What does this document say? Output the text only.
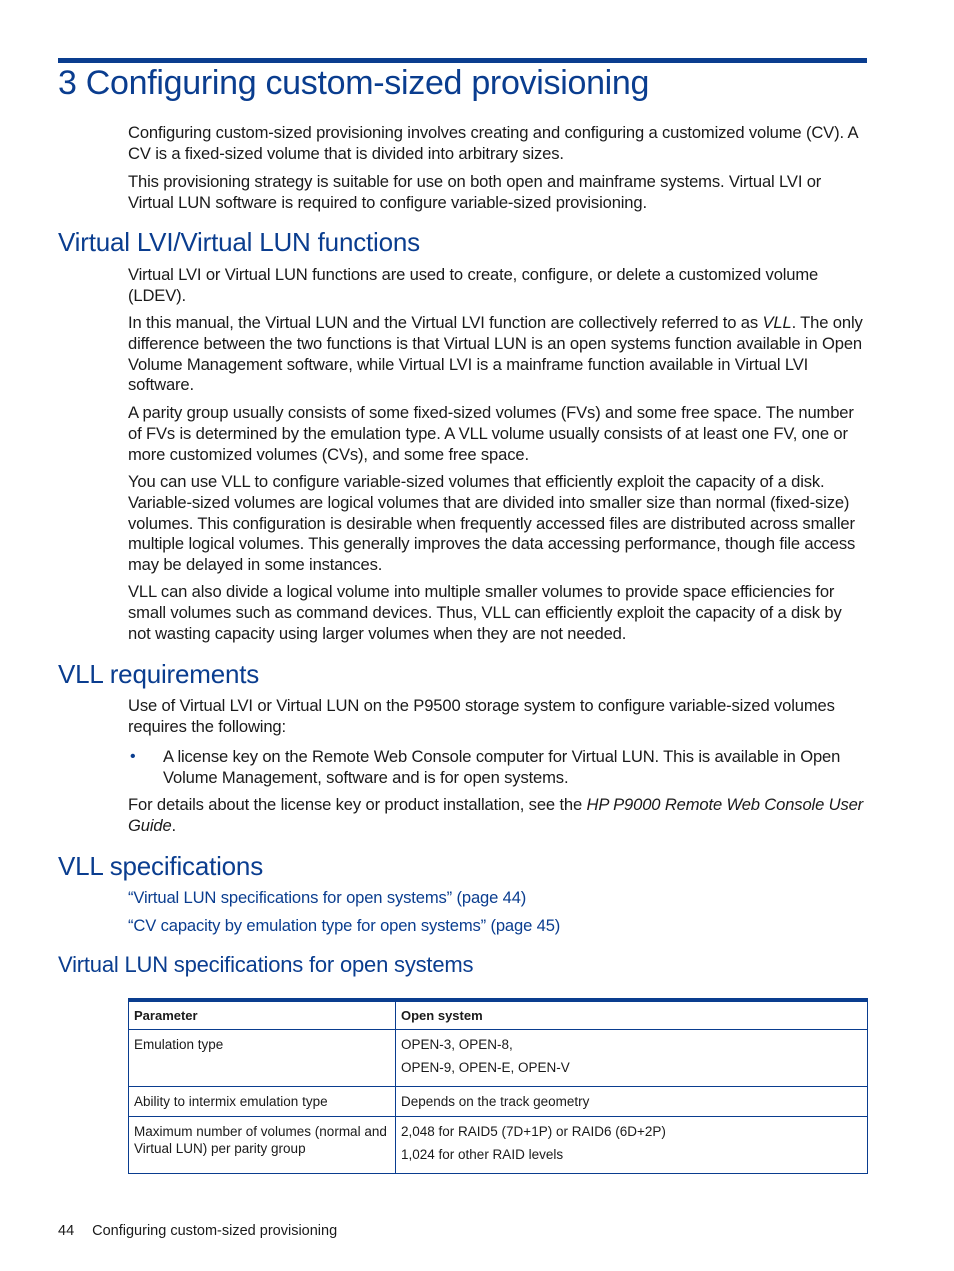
3 Configuring custom-sized provisioning

Configuring custom-sized provisioning involves creating and configuring a customized volume (CV). A CV is a fixed-sized volume that is divided into arbitrary sizes.

This provisioning strategy is suitable for use on both open and mainframe systems. Virtual LVI or Virtual LUN software is required to configure variable-sized provisioning.

Virtual LVI/Virtual LUN functions

Virtual LVI or Virtual LUN functions are used to create, configure, or delete a customized volume (LDEV).

In this manual, the Virtual LUN and the Virtual LVI function are collectively referred to as VLL. The only difference between the two functions is that Virtual LUN is an open systems function available in Open Volume Management software, while Virtual LVI is a mainframe function available in Virtual LVI software.

A parity group usually consists of some fixed-sized volumes (FVs) and some free space. The number of FVs is determined by the emulation type. A VLL volume usually consists of at least one FV, one or more customized volumes (CVs), and some free space.

You can use VLL to configure variable-sized volumes that efficiently exploit the capacity of a disk. Variable-sized volumes are logical volumes that are divided into smaller size than normal (fixed-size) volumes. This configuration is desirable when frequently accessed files are distributed across smaller multiple logical volumes. This generally improves the data accessing performance, though file access may be delayed in some instances.

VLL can also divide a logical volume into multiple smaller volumes to provide space efficiencies for small volumes such as command devices. Thus, VLL can efficiently exploit the capacity of a disk by not wasting capacity using larger volumes when they are not needed.

VLL requirements

Use of Virtual LVI or Virtual LUN on the P9500 storage system to configure variable-sized volumes requires the following:

• A license key on the Remote Web Console computer for Virtual LUN. This is available in Open Volume Management, software and is for open systems.

For details about the license key or product installation, see the HP P9000 Remote Web Console User Guide.

VLL specifications
“Virtual LUN specifications for open systems” (page 44)
“CV capacity by emulation type for open systems” (page 45)
Virtual LUN specifications for open systems
Parameter	Open system

Emulation type	OPEN-3, OPEN-8,
OPEN-9, OPEN-E, OPEN-V

Ability to intermix emulation type	Depends on the track geometry

Maximum number of volumes (normal and Virtual LUN) per parity group	2,048 for RAID5 (7D+1P) or RAID6 (6D+2P)
1,024 for other RAID levels
44 Configuring custom-sized provisioning
